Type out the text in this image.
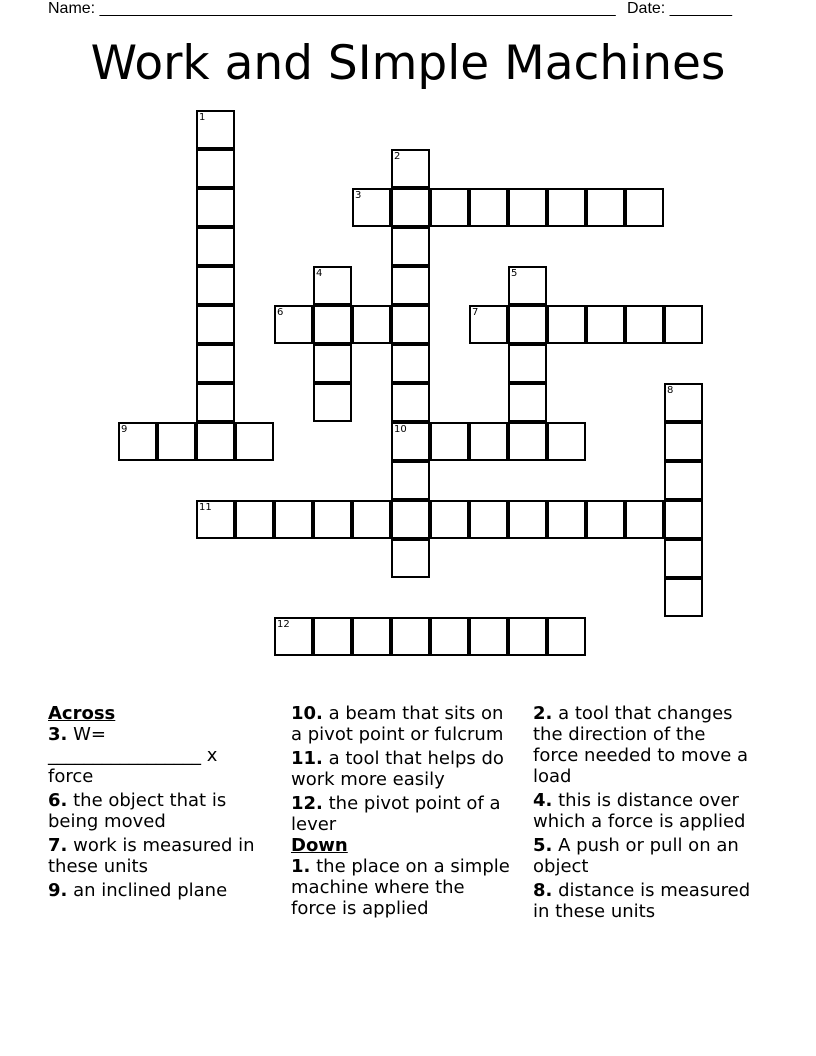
Name: __________________________________________________________ Date: _______
Work and SImple Machines
1
2
3
4	5
6	7
8
9	10
11
12
Across
3. W=
_________________ x
force
6. the object that is being moved
7. work is measured in these units
9. an inclined plane
10. a beam that sits on a pivot point or fulcrum
11. a tool that helps do work more easily
12. the pivot point of a lever
Down
1. the place on a simple machine where the force is applied
2. a tool that changes the direction of the force needed to move a load
4. this is distance over which a force is applied
5. A push or pull on an object
8. distance is measured in these units
